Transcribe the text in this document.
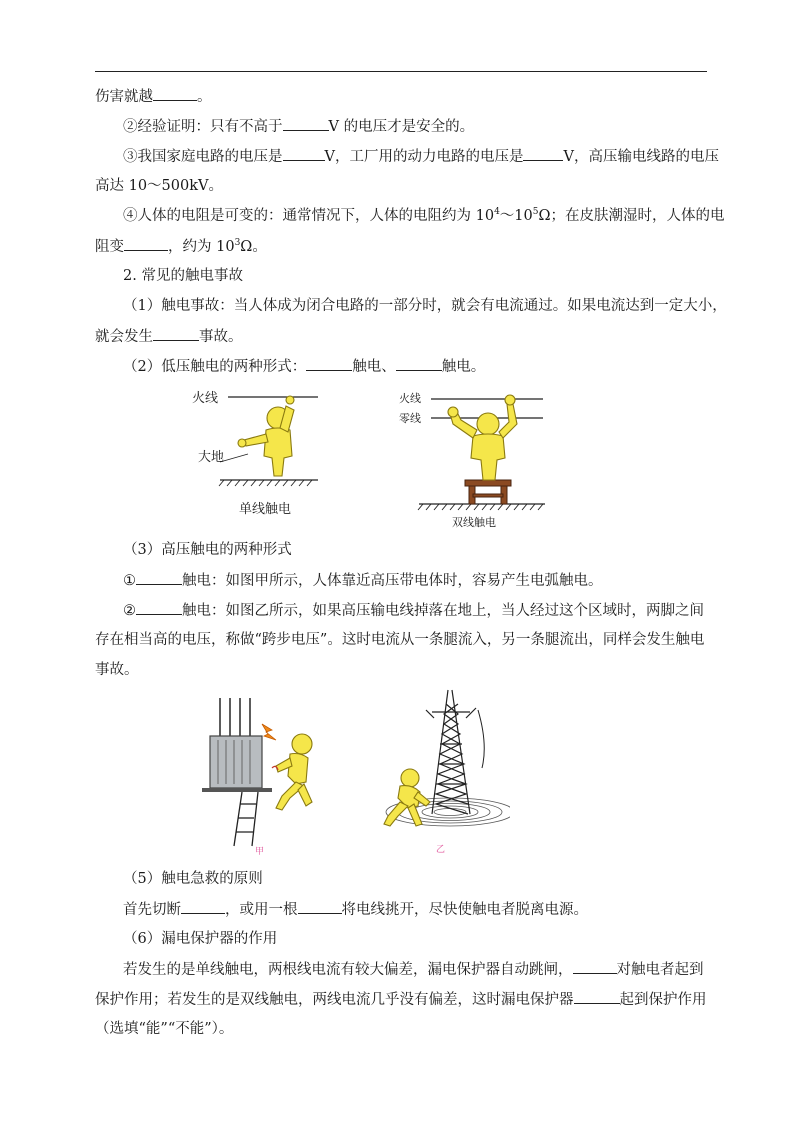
伤害就越	。
②经验证明：只有不高于	V 的电压才是安全的。
③我国家庭电路的电压是	V，工厂用的动力电路的电压是	V，高压输电线路的电压
高达 10～500kV。
④人体的电阻是可变的：通常情况下，人体的电阻约为 $10^4\sim 10^5\Omega$；在皮肤潮湿时，人体的电
阻变	，约为 $10^3\Omega$。
2. 常见的触电事故
（1）触电事故：当人体成为闭合电路的一部分时，就会有电流通过。如果电流达到一定大小，
就会发生	事故。
（2）低压触电的两种形式：	触电、	触电。
火线
大地
单线触电
火线
零线
双线触电
（3）高压触电的两种形式
①	触电：如图甲所示，人体靠近高压带电体时，容易产生电弧触电。
②	触电：如图乙所示，如果高压输电线掉落在地上，当人经过这个区域时，两脚之间
存在相当高的电压，称做“跨步电压”。这时电流从一条腿流入，另一条腿流出，同样会发生触电
事故。
甲	乙
（5）触电急救的原则
首先切断	，或用一根	将电线挑开，尽快使触电者脱离电源。
（6）漏电保护器的作用
若发生的是单线触电，两根线电流有较大偏差，漏电保护器自动跳闸，	对触电者起到
保护作用；若发生的是双线触电，两线电流几乎没有偏差，这时漏电保护器	起到保护作用
（选填“能”“不能”）。
